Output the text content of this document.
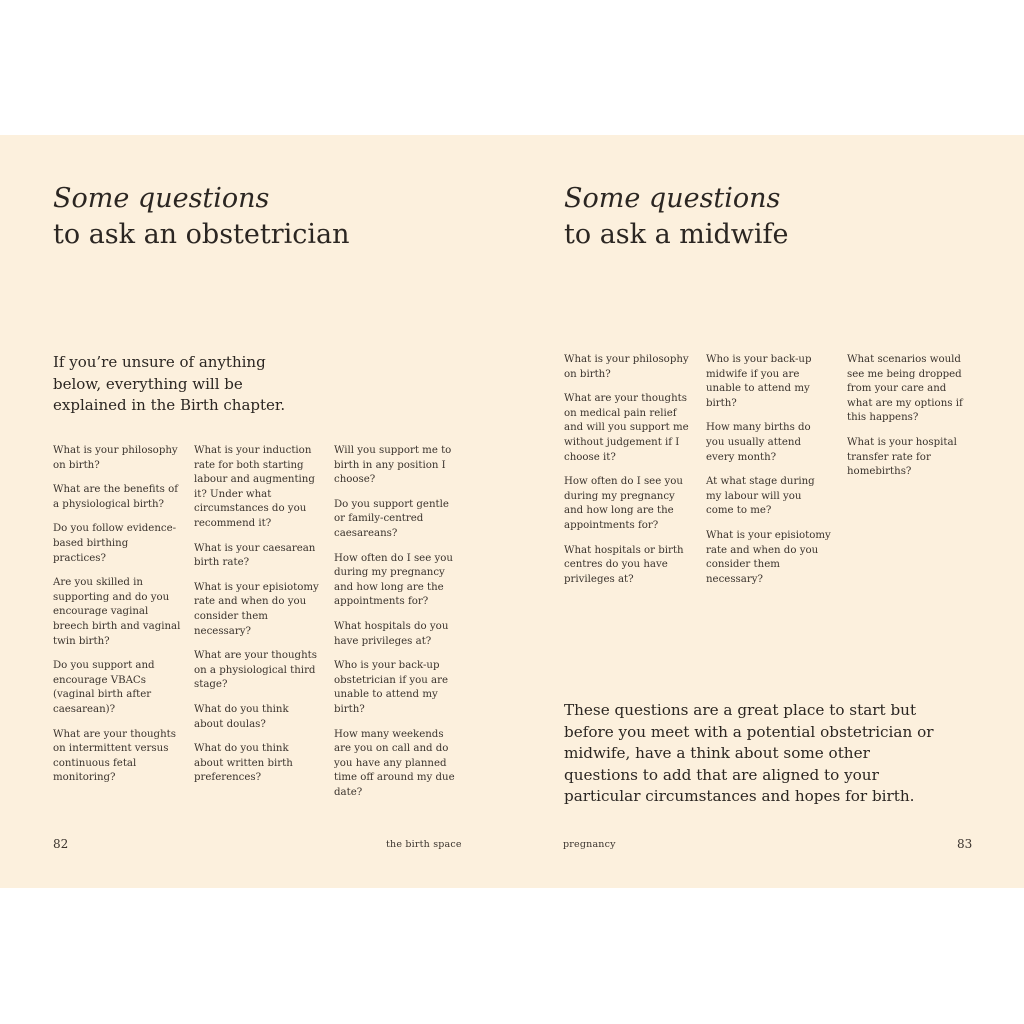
Some questions
to ask an obstetrician

If you’re unsure of anything below, everything will be explained in the Birth chapter.

What is your philosophy on birth?

What are the benefits of a physiological birth?

Do you follow evidence-based birthing practices?

Are you skilled in supporting and do you encourage vaginal breech birth and vaginal twin birth?

Do you support and encourage VBACs (vaginal birth after caesarean)?

What are your thoughts on intermittent versus continuous fetal monitoring?

What is your induction rate for both starting labour and augmenting it? Under what circumstances do you recommend it?

What is your caesarean birth rate?

What is your episiotomy rate and when do you consider them necessary?

What are your thoughts on a physiological third stage?

What do you think about doulas?

What do you think about written birth preferences?

Will you support me to birth in any position I choose?

Do you support gentle or family-centred caesareans?

How often do I see you during my pregnancy and how long are the appointments for?

What hospitals do you have privileges at?

Who is your back-up obstetrician if you are unable to attend my birth?

How many weekends are you on call and do you have any planned time off around my due date?

82	the birth space
Some questions
to ask a midwife

What is your philosophy on birth?

What are your thoughts on medical pain relief and will you support me without judgement if I choose it?

How often do I see you during my pregnancy and how long are the appointments for?

What hospitals or birth centres do you have privileges at?

Who is your back-up midwife if you are unable to attend my birth?

How many births do you usually attend every month?

At what stage during my labour will you come to me?

What is your episiotomy rate and when do you consider them necessary?

What scenarios would see me being dropped from your care and what are my options if this happens?

What is your hospital transfer rate for homebirths?

These questions are a great place to start but before you meet with a potential obstetrician or midwife, have a think about some other questions to add that are aligned to your particular circumstances and hopes for birth.

pregnancy	83
